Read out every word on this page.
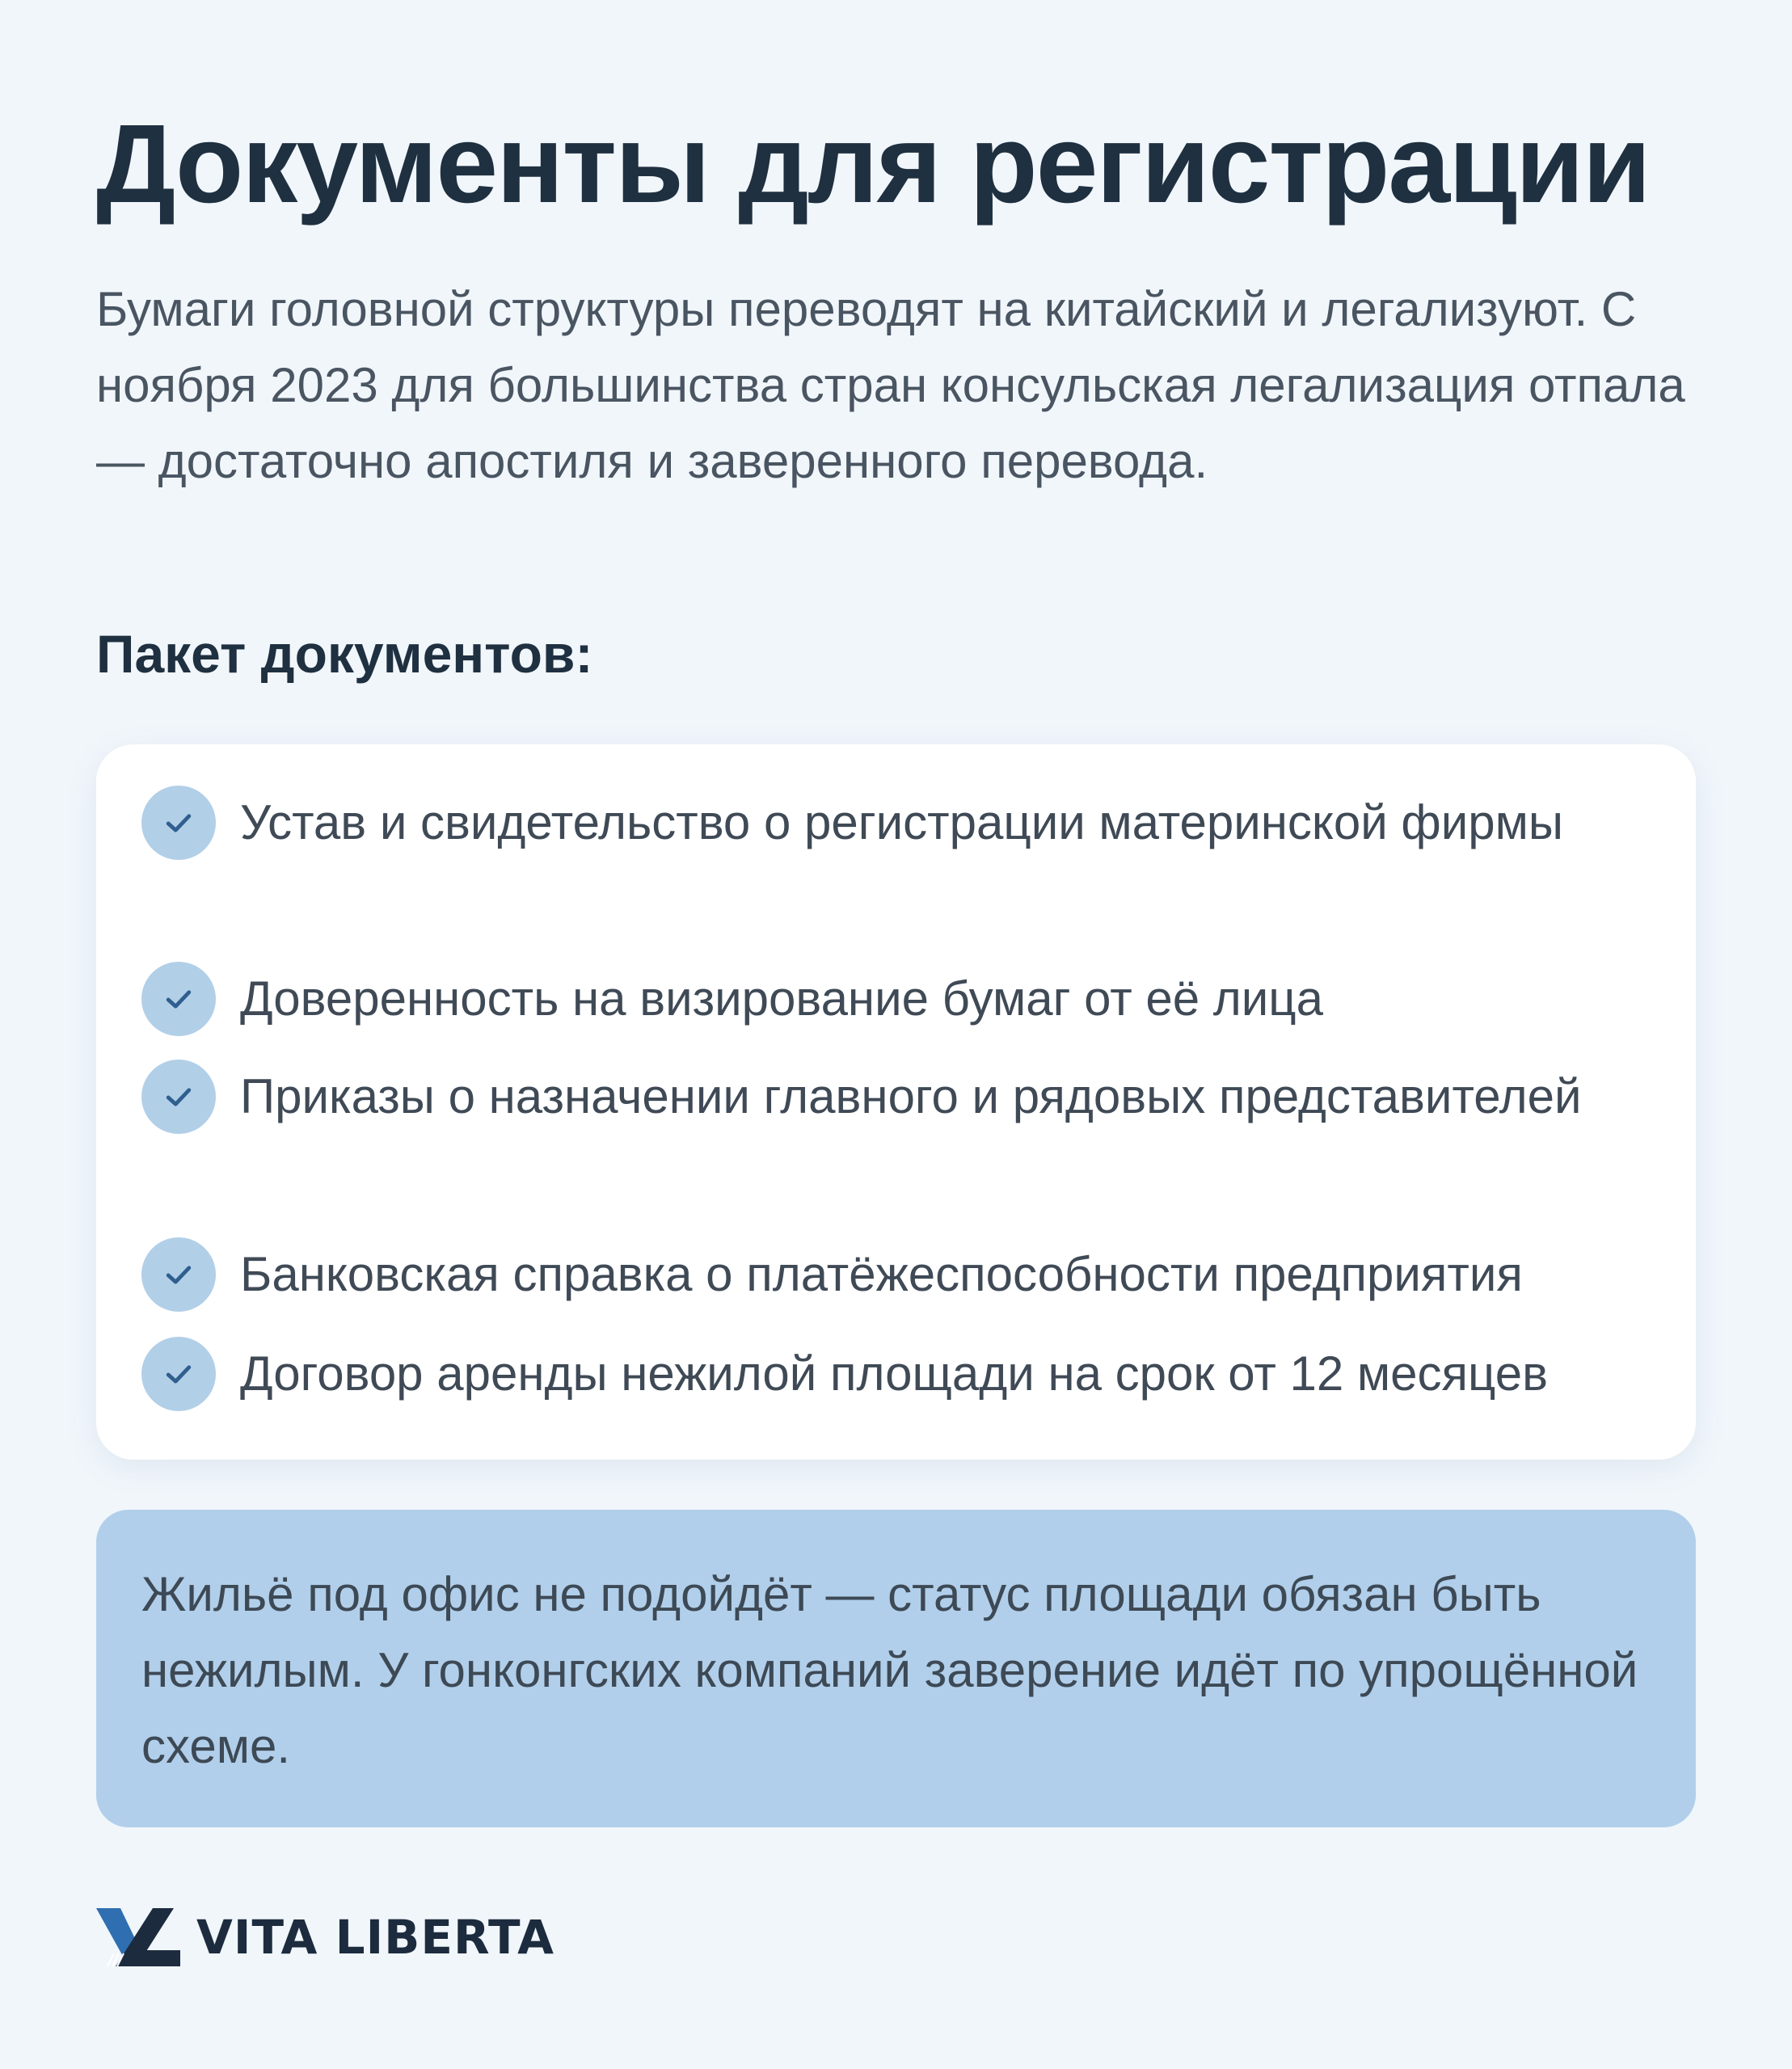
Документы для регистрации

Бумаги головной структуры переводят на китайский и легализуют. С ноября 2023 для большинства стран консульская легализация отпала — достаточно апостиля и заверенного перевода.

Пакет документов:
Устав и свидетельство о регистрации материнской фирмы
Доверенность на визирование бумаг от её лица
Приказы о назначении главного и рядовых представителей
Банковская справка о платёжеспособности предприятия
Договор аренды нежилой площади на срок от 12 месяцев

Жильё под офис не подойдёт — статус площади обязан быть нежилым. У гонконгских компаний заверение идёт по упрощённой схеме.

VITA LIBERTA
